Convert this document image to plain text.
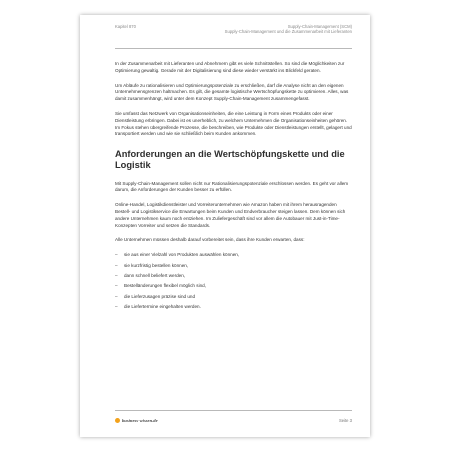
Kapitel 870	Supply-Chain-Management (SCM)
Supply-Chain-Management und die Zusammenarbeit mit Lieferanten

In der Zusammenarbeit mit Lieferanten und Abnehmern gibt es viele Schnittstellen. So sind die Möglichkeiten zur Optimierung gewaltig. Gerade mit der Digitalisierung sind diese wieder verstärkt ins Blickfeld geraten.

Um Abläufe zu rationalisieren und Optimierungspotenziale zu erschließen, darf die Analyse nicht an den eigenen Unternehmensgrenzen haltmachen. Es gilt, die gesamte logistische Wertschöpfungskette zu optimieren. Alles, was damit zusammenhängt, wird unter dem Konzept Supply-Chain-Management zusammengefasst.

Sie umfasst das Netzwerk von Organisationseinheiten, die eine Leistung in Form eines Produkts oder einer Dienstleistung erbringen. Dabei ist es unerheblich, zu welchem Unternehmen die Organisationseinheiten gehören. Im Fokus stehen übergreifende Prozesse, die beschreiben, wie Produkte oder Dienstleistungen erstellt, gelagert und transportiert werden und wie sie schließlich beim Kunden ankommen.

Anforderungen an die Wertschöpfungskette und die Logistik

Mit Supply-Chain-Management sollen nicht nur Rationalisierungspotenziale erschlossen werden. Es geht vor allem darum, die Anforderungen der Kunden besser zu erfüllen.

Online-Handel, Logistikdienstleister und Vorreiterunternehmen wie Amazon haben mit ihrem herausragenden Bestell- und Logistikservice die Erwartungen beim Kunden und Endverbraucher steigen lassen. Dem können sich andere Unternehmen kaum noch entziehen. Im Zuliefergeschäft sind vor allem die Autobauer mit Just-in-Time-Konzepten Vorreiter und setzen die Standards.

Alle Unternehmen müssen deshalb darauf vorbereitet sein, dass ihre Kunden erwarten, dass:

–	sie aus einer Vielzahl von Produkten auswählen können,
–	sie kurzfristig bestellen können,
–	dann schnell beliefert werden,
–	Bestelländerungen flexibel möglich sind,
–	die Lieferzusagen präzise sind und
–	die Liefertermine eingehalten werden.
business-wissen.de	Seite 3
